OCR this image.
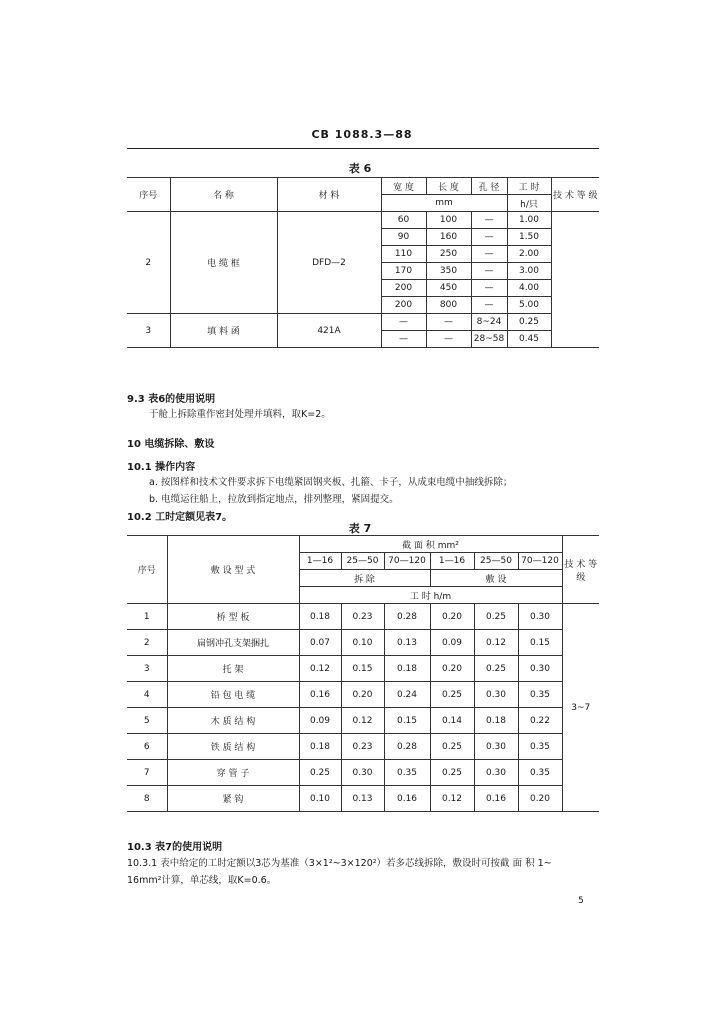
CB 1088.3—88
表 6
序号	名 称	材 料	宽 度	长 度	孔 径	工 时	技 术 等 级
			mm			h/只	
2	电 缆 框	DFD—2	60	100	—	1.00	
			90	160	—	1.50	
			110	250	—	2.00	
			170	350	—	3.00	
			200	450	—	4.00	
			200	800	—	5.00	
3	填 料 函	421A	—	—	8~24	0.25	
			—	—	28~58	0.45	
9.3 表6的使用说明
于舱上拆除重作密封处理并填料，取K=2。
10 电缆拆除、敷设
10.1 操作内容
a. 按图样和技术文件要求拆下电缆紧固钢夹板、扎箍、卡子，从成束电缆中抽线拆除；
b. 电缆运往船上，拉放到指定地点，排列整理，紧固提交。
10.2 工时定额见表7。
表 7
序号	敷 设 型 式	截 面 积 mm²						技 术 等 级
		1—16	25—50	70—120	1—16	25—50	70—120	
		拆 除			敷 设			
		工 时 h/m						
1	桥 型 板	0.18	0.23	0.28	0.20	0.25	0.30	3~7
2	扁钢冲孔支架捆扎	0.07	0.10	0.13	0.09	0.12	0.15	
3	托 架	0.12	0.15	0.18	0.20	0.25	0.30	
4	铅 包 电 缆	0.16	0.20	0.24	0.25	0.30	0.35	
5	木 质 结 构	0.09	0.12	0.15	0.14	0.18	0.22	
6	铁 质 结 构	0.18	0.23	0.28	0.25	0.30	0.35	
7	穿 管 子	0.25	0.30	0.35	0.25	0.30	0.35	
8	紧 钩	0.10	0.13	0.16	0.12	0.16	0.20	
10.3 表7的使用说明
10.3.1 表中给定的工时定额以3芯为基准（3×1²~3×120²）若多芯线拆除，敷设时可按截 面 积 1~
16mm²计算，单芯线，取K=0.6。
5
